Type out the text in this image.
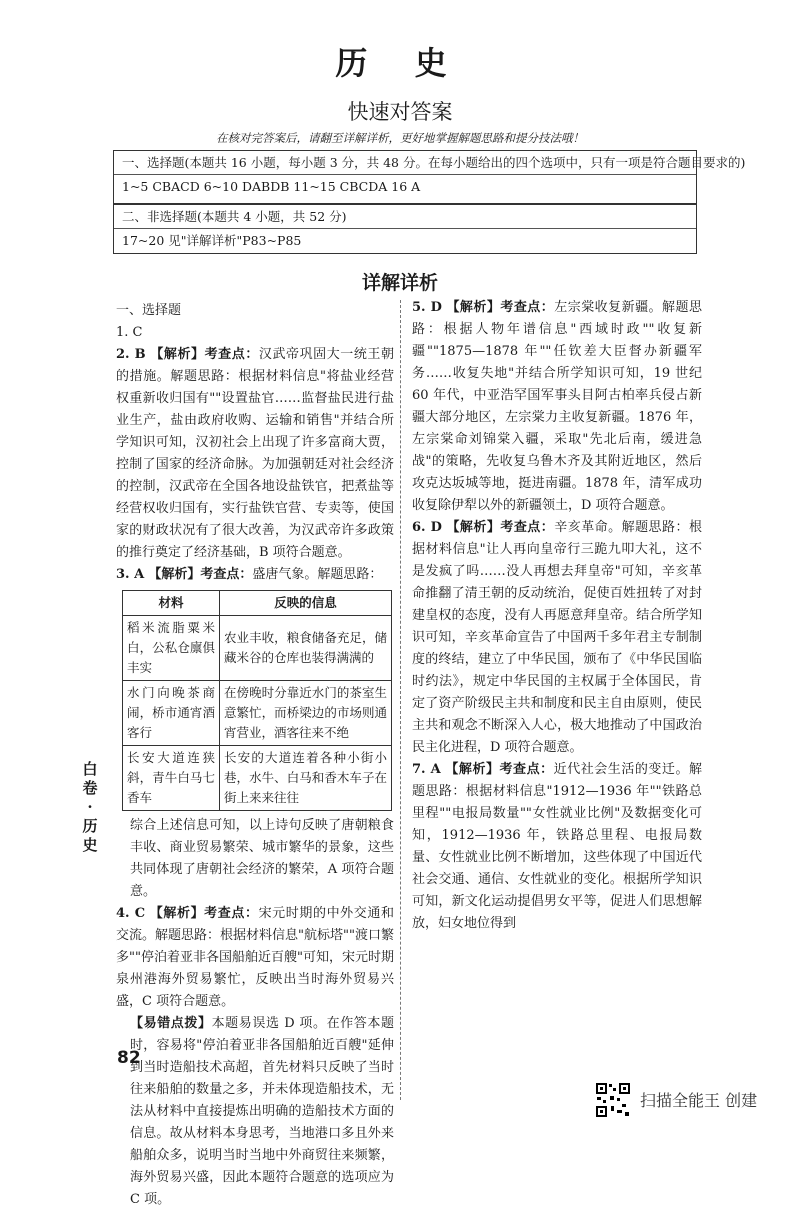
历 史
快速对答案
在核对完答案后，请翻至详解详析，更好地掌握解题思路和提分技法哦！
一、选择题(本题共 16 小题，每小题 3 分，共 48 分。在每小题给出的四个选项中，只有一项是符合题目要求的)
1~5 CBACD 6~10 DABDB 11~15 CBCDA 16 A
二、非选择题(本题共 4 小题，共 52 分)
17~20 见"详解详析"P83~P85
详解详析

一、选择题

1. C

2. B 【解析】考查点：汉武帝巩固大一统王朝的措施。解题思路：根据材料信息"将盐业经营权重新收归国有""设置盐官……监督盐民进行盐业生产，盐由政府收购、运输和销售"并结合所学知识可知，汉初社会上出现了许多富商大贾，控制了国家的经济命脉。为加强朝廷对社会经济的控制，汉武帝在全国各地设盐铁官，把煮盐等经营权收归国有，实行盐铁官营、专卖等，使国家的财政状况有了很大改善，为汉武帝许多政策的推行奠定了经济基础，B 项符合题意。

3. A 【解析】考查点：盛唐气象。解题思路：

材料	反映的信息
稻米流脂粟米白，公私仓廪俱丰实	农业丰收，粮食储备充足，储藏米谷的仓库也装得满满的
水门向晚茶商闹，桥市通宵酒客行	在傍晚时分靠近水门的茶室生意繁忙，而桥梁边的市场则通宵营业，酒客往来不绝
长安大道连狭斜，青牛白马七香车	长安的大道连着各种小街小巷，水牛、白马和香木车子在街上来来往往

综合上述信息可知，以上诗句反映了唐朝粮食丰收、商业贸易繁荣、城市繁华的景象，这些共同体现了唐朝社会经济的繁荣，A 项符合题意。

4. C 【解析】考查点：宋元时期的中外交通和交流。解题思路：根据材料信息"航标塔""渡口繁多""停泊着亚非各国船舶近百艘"可知，宋元时期泉州港海外贸易繁忙，反映出当时海外贸易兴盛，C 项符合题意。

【易错点拨】本题易误选 D 项。在作答本题时，容易将"停泊着亚非各国船舶近百艘"延伸到当时造船技术高超，首先材料只反映了当时往来船舶的数量之多，并未体现造船技术，无法从材料中直接提炼出明确的造船技术方面的信息。故从材料本身思考，当地港口多且外来船舶众多，说明当时当地中外商贸往来频繁，海外贸易兴盛，因此本题符合题意的选项应为 C 项。

5. D 【解析】考查点：左宗棠收复新疆。解题思路：根据人物年谱信息"西域时政""收复新疆""1875—1878 年""任钦差大臣督办新疆军务……收复失地"并结合所学知识可知，19 世纪 60 年代，中亚浩罕国军事头目阿古柏率兵侵占新疆大部分地区，左宗棠力主收复新疆。1876 年，左宗棠命刘锦棠入疆，采取"先北后南，缓进急战"的策略，先收复乌鲁木齐及其附近地区，然后攻克达坂城等地，挺进南疆。1878 年，清军成功收复除伊犁以外的新疆领土，D 项符合题意。

6. D 【解析】考查点：辛亥革命。解题思路：根据材料信息"让人再向皇帝行三跪九叩大礼，这不是发疯了吗……没人再想去拜皇帝"可知，辛亥革命推翻了清王朝的反动统治，促使百姓扭转了对封建皇权的态度，没有人再愿意拜皇帝。结合所学知识可知，辛亥革命宣告了中国两千多年君主专制制度的终结，建立了中华民国，颁布了《中华民国临时约法》，规定中华民国的主权属于全体国民，肯定了资产阶级民主共和制度和民主自由原则，使民主共和观念不断深入人心，极大地推动了中国政治民主化进程，D 项符合题意。

7. A 【解析】考查点：近代社会生活的变迁。解题思路：根据材料信息"1912—1936 年""铁路总里程""电报局数量""女性就业比例"及数据变化可知，1912—1936 年，铁路总里程、电报局数量、女性就业比例不断增加，这些体现了中国近代社会交通、通信、女性就业的变化。根据所学知识可知，新文化运动提倡男女平等，促进人们思想解放，妇女地位得到

白卷·历史
82
扫描全能王 创建
